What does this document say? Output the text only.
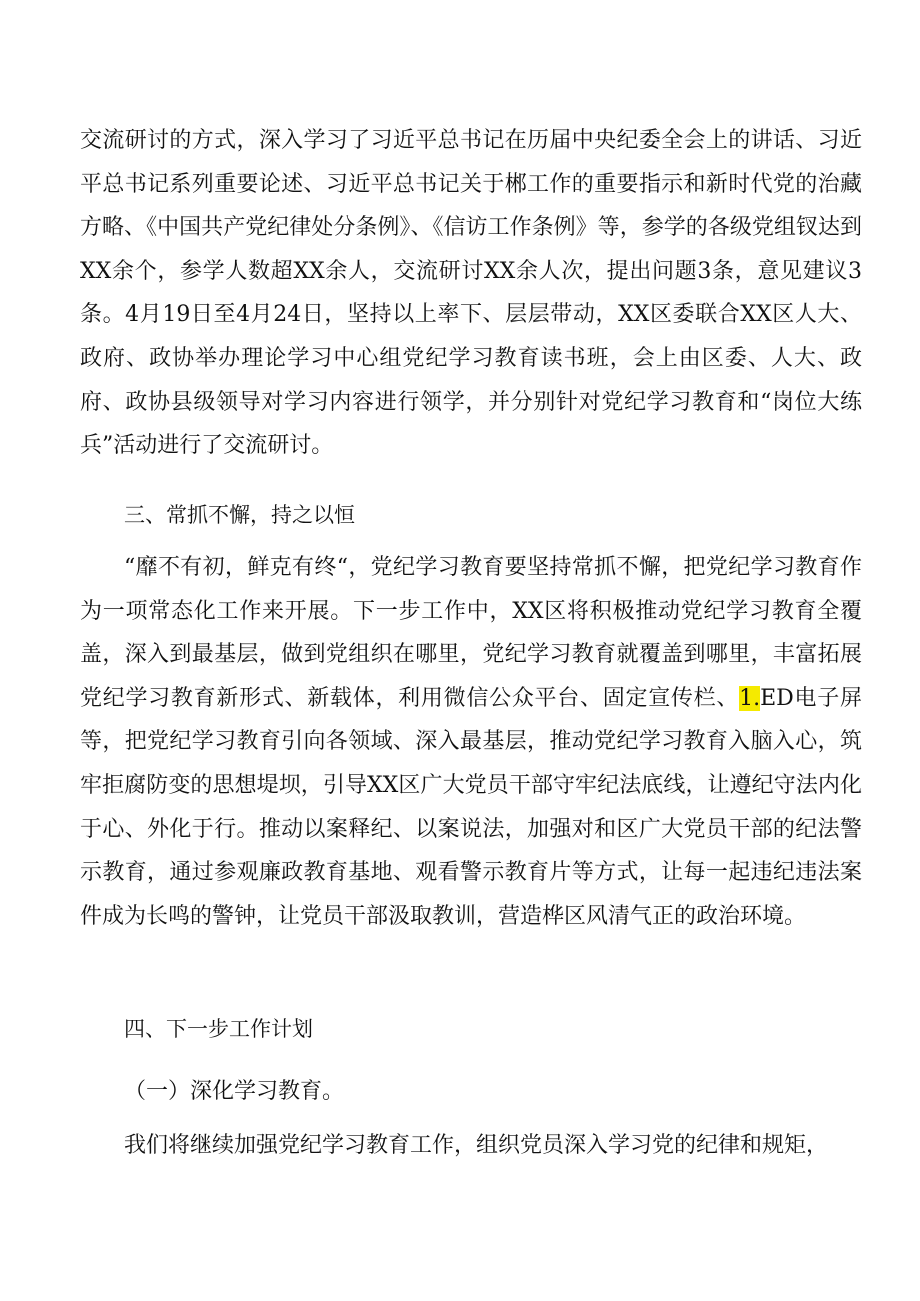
交流研讨的方式，深入学习了习近平总书记在历届中央纪委全会上的讲话、习近平总书记系列重要论述、习近平总书记关于郴工作的重要指示和新时代党的治藏方略、《中国共产党纪律处分条例》、《信访工作条例》等，参学的各级党组钗达到XX余个，参学人数超XX余人，交流研讨XX余人次，提出问题3条，意见建议3条。4月19日至4月24日，坚持以上率下、层层带动，XX区委联合XX区人大、政府、政协举办理论学习中心组党纪学习教育读书班，会上由区委、人大、政府、政协县级领导对学习内容进行领学，并分别针对党纪学习教育和“岗位大练兵”活动进行了交流研讨。

三、常抓不懈，持之以恒

“靡不有初，鲜克有终“，党纪学习教育要坚持常抓不懈，把党纪学习教育作为一项常态化工作来开展。下一步工作中，XX区将积极推动党纪学习教育全覆盖，深入到最基层，做到党组织在哪里，党纪学习教育就覆盖到哪里，丰富拓展党纪学习教育新形式、新载体，利用微信公众平台、固定宣传栏、1.ED电子屏等，把党纪学习教育引向各领域、深入最基层，推动党纪学习教育入脑入心，筑牢拒腐防变的思想堤坝，引导XX区广大党员干部守牢纪法底线，让遵纪守法内化于心、外化于行。推动以案释纪、以案说法，加强对和区广大党员干部的纪法警示教育，通过参观廉政教育基地、观看警示教育片等方式，让每一起违纪违法案件成为长鸣的警钟，让党员干部汲取教训，营造桦区风清气正的政治环境。

四、下一步工作计划

（一）深化学习教育。

我们将继续加强党纪学习教育工作，组织党员深入学习党的纪律和规矩，
